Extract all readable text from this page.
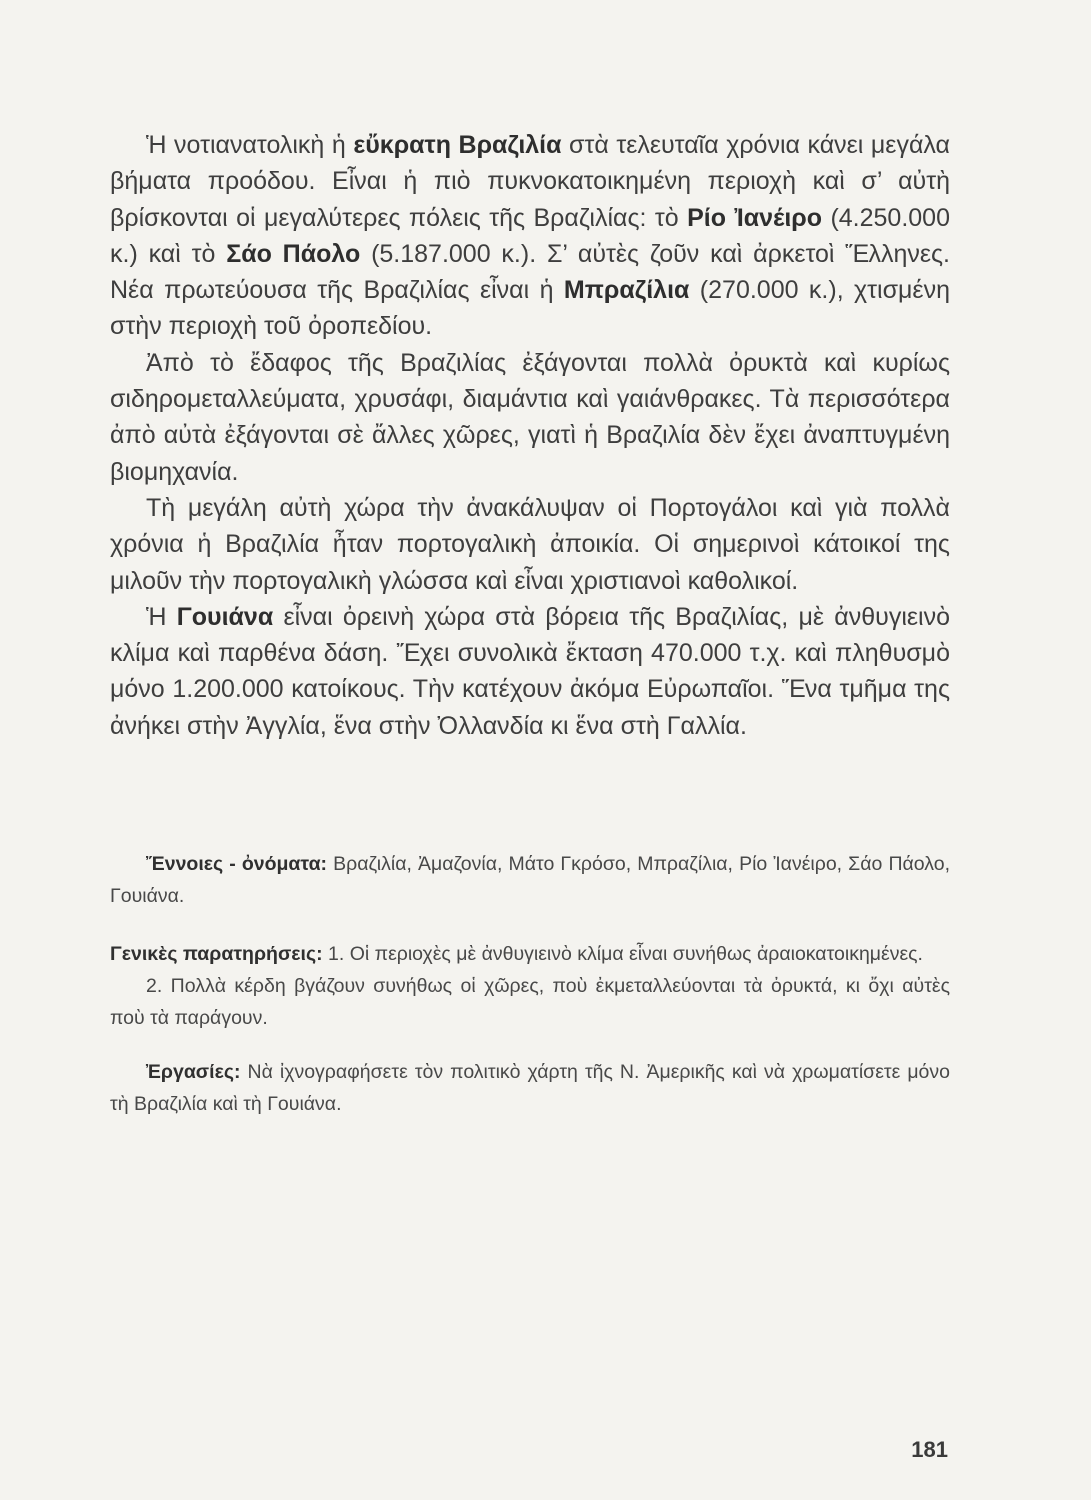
Ἡ νοτιανατολικὴ ἡ εὔκρατη Βραζιλία στὰ τελευταῖα χρόνια κάνει μεγάλα βήματα προόδου. Εἶναι ἡ πιὸ πυκνοκατοικημένη περιοχὴ καὶ σ’ αὐτὴ βρίσκονται οἱ μεγαλύτερες πόλεις τῆς Βραζιλίας: τὸ Ρίο Ἰανέιρο (4.250.000 κ.) καὶ τὸ Σάο Πάολο (5.187.000 κ.). Σ’ αὐτὲς ζοῦν καὶ ἀρκετοὶ Ἕλληνες. Νέα πρωτεύουσα τῆς Βραζιλίας εἶναι ἡ Μπραζίλια (270.000 κ.), χτισμένη στὴν περιοχὴ τοῦ ὀροπεδίου.

Ἀπὸ τὸ ἔδαφος τῆς Βραζιλίας ἐξάγονται πολλὰ ὀρυκτὰ καὶ κυρίως σιδηρομεταλλεύματα, χρυσάφι, διαμάντια καὶ γαιάνθρακες. Τὰ περισσότερα ἀπὸ αὐτὰ ἐξάγονται σὲ ἄλλες χῶρες, γιατὶ ἡ Βραζιλία δὲν ἔχει ἀναπτυγμένη βιομηχανία.

Τὴ μεγάλη αὐτὴ χώρα τὴν ἀνακάλυψαν οἱ Πορτογάλοι καὶ γιὰ πολλὰ χρόνια ἡ Βραζιλία ἦταν πορτογαλικὴ ἀποικία. Οἱ σημερινοὶ κάτοικοί της μιλοῦν τὴν πορτογαλικὴ γλώσσα καὶ εἶναι χριστιανοὶ καθολικοί.

Ἡ Γουιάνα εἶναι ὀρεινὴ χώρα στὰ βόρεια τῆς Βραζιλίας, μὲ ἀνθυγιεινὸ κλίμα καὶ παρθένα δάση. Ἔχει συνολικὰ ἔκταση 470.000 τ.χ. καὶ πληθυσμὸ μόνο 1.200.000 κατοίκους. Τὴν κατέχουν ἀκόμα Εὐρωπαῖοι. Ἕνα τμῆμα της ἀνήκει στὴν Ἀγγλία, ἕνα στὴν Ὀλλανδία κι ἕνα στὴ Γαλλία.

Ἔννοιες - ὀνόματα: Βραζιλία, Ἀμαζονία, Μάτο Γκρόσο, Μπραζίλια, Ρίο Ἰανέιρο, Σάο Πάολο, Γουιάνα.

Γενικὲς παρατηρήσεις: 1. Οἱ περιοχὲς μὲ ἀνθυγιεινὸ κλίμα εἶναι συνήθως ἀραιοκατοικημένες.

2. Πολλὰ κέρδη βγάζουν συνήθως οἱ χῶρες, ποὺ ἐκμεταλλεύονται τὰ ὀρυκτά, κι ὄχι αὐτὲς ποὺ τὰ παράγουν.

Ἐργασίες: Νὰ ἰχνογραφήσετε τὸν πολιτικὸ χάρτη τῆς Ν. Ἀμερικῆς καὶ νὰ χρωματίσετε μόνο τὴ Βραζιλία καὶ τὴ Γουιάνα.

181
